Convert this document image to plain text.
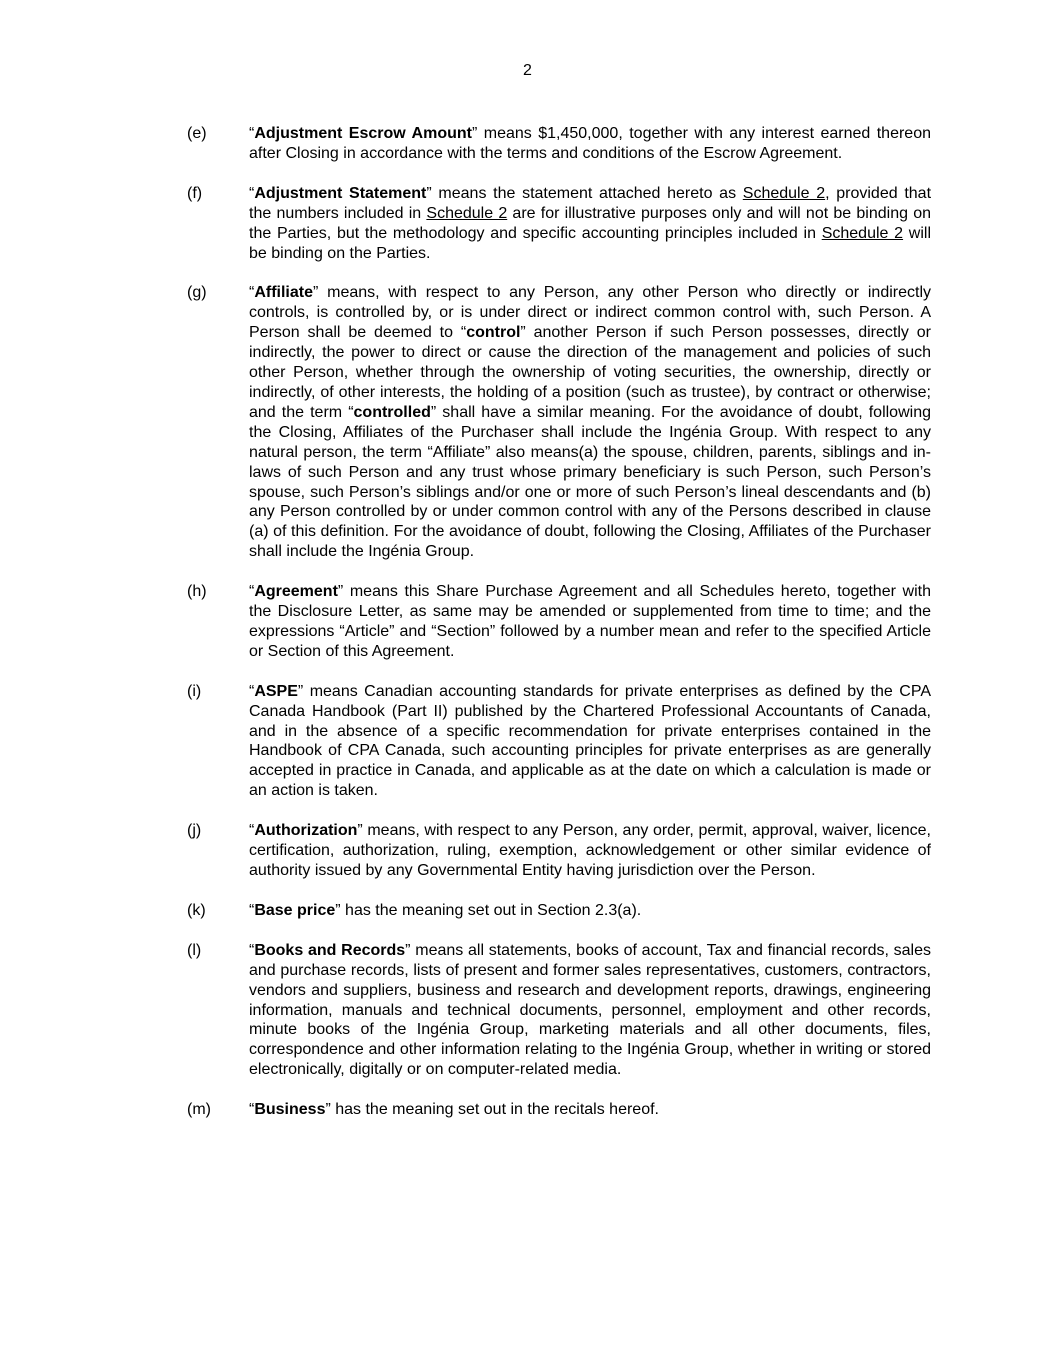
2
(e)	“Adjustment Escrow Amount” means $1,450,000, together with any interest earned thereon after Closing in accordance with the terms and conditions of the Escrow Agreement.
(f)	“Adjustment Statement” means the statement attached hereto as Schedule 2, provided that the numbers included in Schedule 2 are for illustrative purposes only and will not be binding on the Parties, but the methodology and specific accounting principles included in Schedule 2 will be binding on the Parties.
(g)	“Affiliate” means, with respect to any Person, any other Person who directly or indirectly controls, is controlled by, or is under direct or indirect common control with, such Person. A Person shall be deemed to “control” another Person if such Person possesses, directly or indirectly, the power to direct or cause the direction of the management and policies of such other Person, whether through the ownership of voting securities, the ownership, directly or indirectly, of other interests, the holding of a position (such as trustee), by contract or otherwise; and the term “controlled” shall have a similar meaning. For the avoidance of doubt, following the Closing, Affiliates of the Purchaser shall include the Ingénia Group. With respect to any natural person, the term “Affiliate” also means(a) the spouse, children, parents, siblings and in-laws of such Person and any trust whose primary beneficiary is such Person, such Person’s spouse, such Person’s siblings and/or one or more of such Person’s lineal descendants and (b) any Person controlled by or under common control with any of the Persons described in clause (a) of this definition. For the avoidance of doubt, following the Closing, Affiliates of the Purchaser shall include the Ingénia Group.
(h)	“Agreement” means this Share Purchase Agreement and all Schedules hereto, together with the Disclosure Letter, as same may be amended or supplemented from time to time; and the expressions “Article” and “Section” followed by a number mean and refer to the specified Article or Section of this Agreement.
(i)	“ASPE” means Canadian accounting standards for private enterprises as defined by the CPA Canada Handbook (Part II) published by the Chartered Professional Accountants of Canada, and in the absence of a specific recommendation for private enterprises contained in the Handbook of CPA Canada, such accounting principles for private enterprises as are generally accepted in practice in Canada, and applicable as at the date on which a calculation is made or an action is taken.
(j)	“Authorization” means, with respect to any Person, any order, permit, approval, waiver, licence, certification, authorization, ruling, exemption, acknowledgement or other similar evidence of authority issued by any Governmental Entity having jurisdiction over the Person.
(k)	“Base price” has the meaning set out in Section 2.3(a).
(l)	“Books and Records” means all statements, books of account, Tax and financial records, sales and purchase records, lists of present and former sales representatives, customers, contractors, vendors and suppliers, business and research and development reports, drawings, engineering information, manuals and technical documents, personnel, employment and other records, minute books of the Ingénia Group, marketing materials and all other documents, files, correspondence and other information relating to the Ingénia Group, whether in writing or stored electronically, digitally or on computer-related media.
(m) “Business” has the meaning set out in the recitals hereof.
